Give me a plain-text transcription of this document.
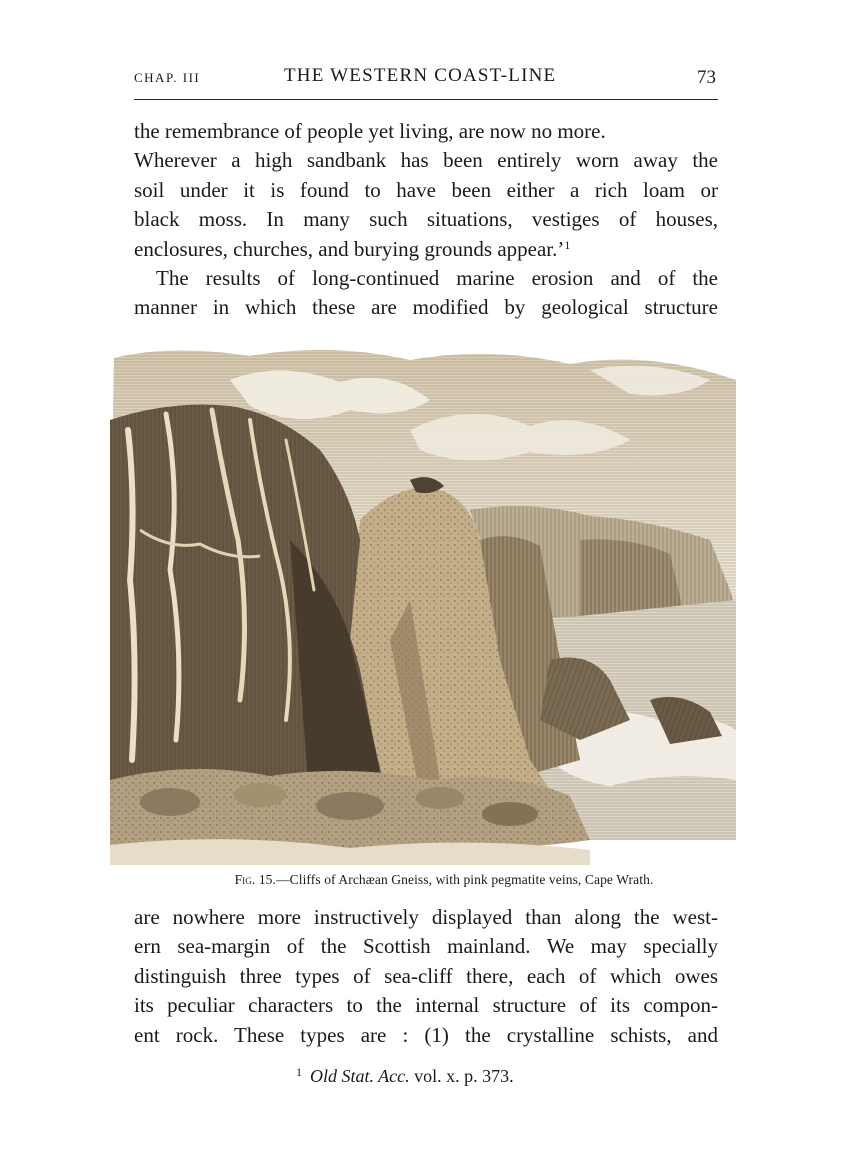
CHAP. III	THE WESTERN COAST-LINE	73
the remembrance of people yet living, are now no more.
Wherever a high sandbank has been entirely worn away the
soil under it is found to have been either a rich loam or
black moss. In many such situations, vestiges of houses,
enclosures, churches, and burying grounds appear.’$^1$
The results of long-continued marine erosion and of the
manner in which these are modified by geological structure
Fig. 15.—Cliffs of Archæan Gneiss, with pink pegmatite veins, Cape Wrath.
are nowhere more instructively displayed than along the west-
ern sea-margin of the Scottish mainland. We may specially
distinguish three types of sea-cliff there, each of which owes
its peculiar characters to the internal structure of its compon-
ent rock. These types are : (1) the crystalline schists, and
$^1$ Old Stat. Acc. vol. x. p. 373.
